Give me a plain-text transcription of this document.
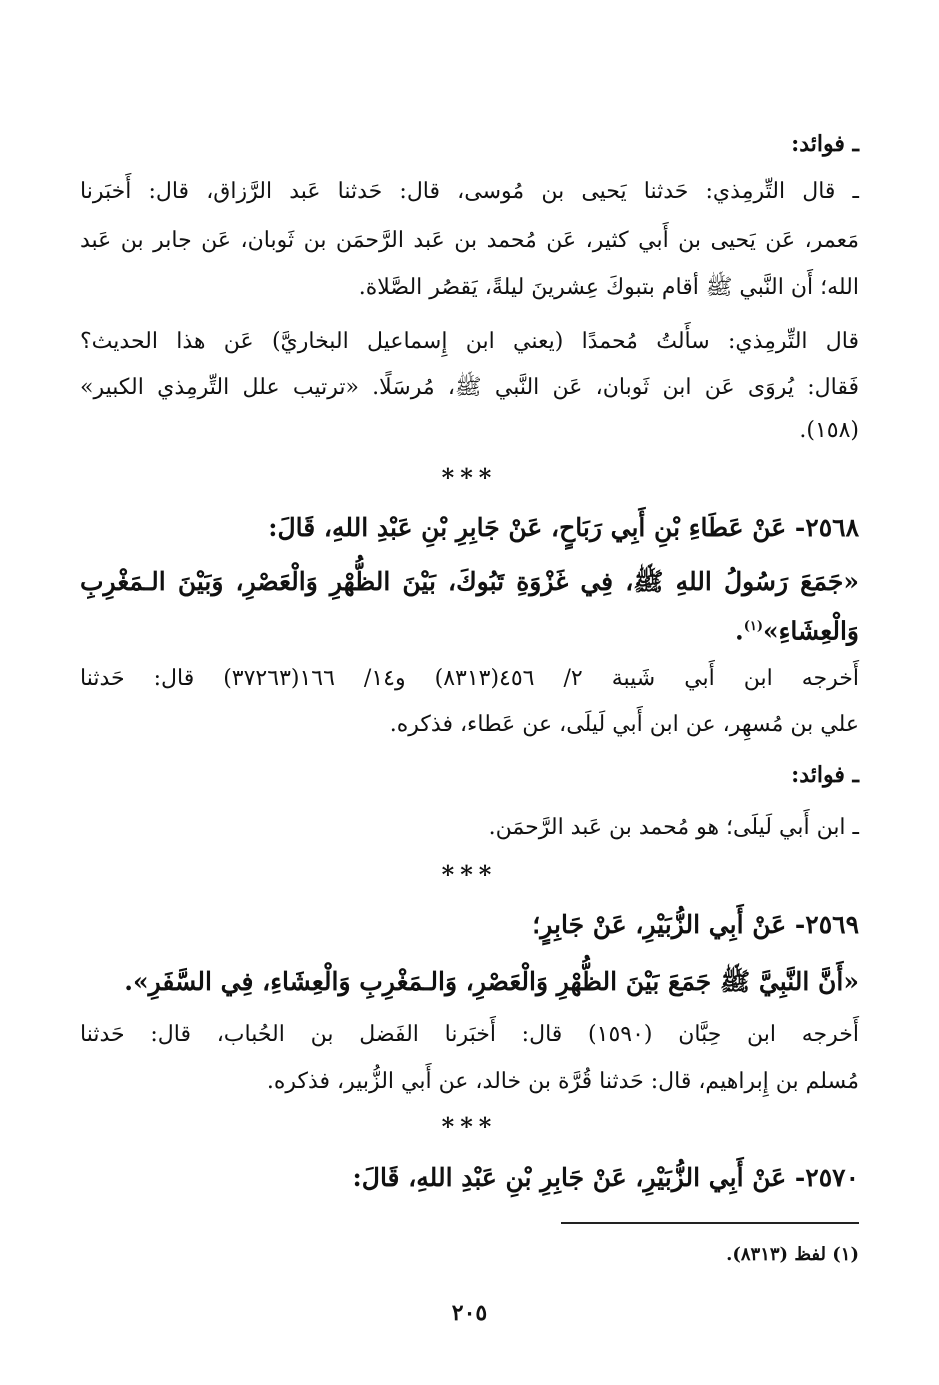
ـ فوائد:
ـ قال التِّرمِذي: حَدثنا يَحيى بن مُوسى، قال: حَدثنا عَبد الرَّزاق، قال: أَخبَرنا
مَعمر، عَن يَحيى بن أَبي كثير، عَن مُحمد بن عَبد الرَّحمَن بن ثَوبان، عَن جابر بن عَبد
الله؛ أَن النَّبي ﷺ أقام بتبوكَ عِشرينَ ليلةً، يَقصُر الصَّلاة.
قال التِّرمِذي: سأَلتُ مُحمدًا (يعني ابن إِسماعيل البخاريَّ) عَن هذا الحديث؟
فَقال: يُروَى عَن ابن ثَوبان، عَن النَّبي ﷺ، مُرسَلًا. «ترتيب علل التِّرمِذي الكبير»
(١٥٨).
***
٢٥٦٨- عَنْ عَطَاءِ بْنِ أَبِي رَبَاحٍ، عَنْ جَابِرِ بْنِ عَبْدِ اللهِ، قَالَ:
«جَمَعَ رَسُولُ اللهِ ﷺ، فِي غَزْوَةِ تَبُوكَ، بَيْنَ الظُّهْرِ وَالْعَصْرِ، وَبَيْنَ الـمَغْرِبِ
وَالْعِشَاءِ»$^{(١)}$.
أَخرجه ابن أَبي شَيبة ٢/ ٤٥٦(٨٣١٣) و١٤/ ١٦٦(٣٧٢٦٣) قال: حَدثنا
علي بن مُسهِر، عن ابن أَبي لَيلَى، عن عَطاء، فذكره.
ـ فوائد:
ـ ابن أَبي لَيلَى؛ هو مُحمد بن عَبد الرَّحمَن.
***
٢٥٦٩- عَنْ أَبِي الزُّبَيْرِ، عَنْ جَابِرٍ؛
«أَنَّ النَّبِيَّ ﷺ جَمَعَ بَيْنَ الظُّهْرِ وَالْعَصْرِ، وَالـمَغْرِبِ وَالْعِشَاءِ، فِي السَّفَرِ».
أَخرجه ابن حِبَّان (١٥٩٠) قال: أَخبَرنا الفَضل بن الحُباب، قال: حَدثنا
مُسلم بن إِبراهيم، قال: حَدثنا قُرَّة بن خالد، عن أَبي الزُّبير، فذكره.
***
٢٥٧٠- عَنْ أَبِي الزُّبَيْرِ، عَنْ جَابِرِ بْنِ عَبْدِ اللهِ، قَالَ:
(١) لفظ (٨٣١٣).
٢٠٥
